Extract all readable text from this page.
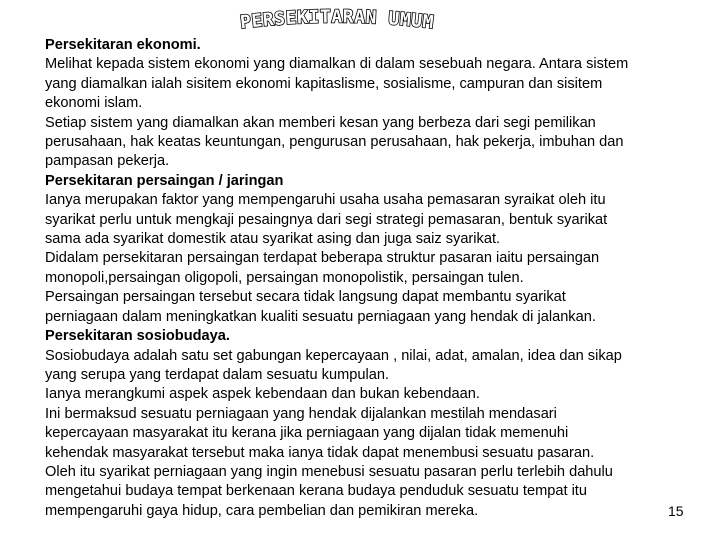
PERSEKITARAN UMUM

Persekitaran ekonomi.

Melihat kepada sistem ekonomi yang diamalkan di dalam sesebuah negara. Antara sistem

yang diamalkan ialah sisitem ekonomi kapitaslisme, sosialisme, campuran dan sisitem

ekonomi islam.

Setiap sistem yang diamalkan akan memberi kesan yang berbeza dari segi pemilikan

perusahaan, hak keatas keuntungan, pengurusan perusahaan, hak pekerja, imbuhan dan

pampasan pekerja.

Persekitaran persaingan / jaringan

Ianya merupakan faktor yang mempengaruhi usaha usaha pemasaran syraikat oleh itu

syarikat perlu untuk mengkaji pesaingnya dari segi strategi pemasaran, bentuk syarikat

sama ada syarikat domestik atau syarikat asing dan juga saiz syarikat.

Didalam persekitaran persaingan terdapat beberapa struktur pasaran iaitu persaingan

monopoli,persaingan oligopoli, persaingan monopolistik, persaingan tulen.

Persaingan persaingan tersebut secara tidak langsung dapat membantu syarikat

perniagaan dalam meningkatkan kualiti sesuatu perniagaan yang hendak di jalankan.

Persekitaran sosiobudaya.

Sosiobudaya adalah satu set gabungan kepercayaan , nilai, adat, amalan, idea dan sikap

yang serupa yang terdapat dalam sesuatu kumpulan.

Ianya merangkumi aspek aspek kebendaan dan bukan kebendaan.

Ini bermaksud sesuatu perniagaan yang hendak dijalankan mestilah mendasari

kepercayaan masyarakat itu kerana jika perniagaan yang dijalan tidak memenuhi

kehendak masyarakat tersebut maka ianya tidak dapat menembusi sesuatu pasaran.

Oleh itu syarikat perniagaan yang ingin menebusi sesuatu pasaran perlu terlebih dahulu

mengetahui budaya tempat berkenaan kerana budaya penduduk sesuatu tempat itu

mempengaruhi gaya hidup, cara pembelian dan pemikiran mereka.	15
